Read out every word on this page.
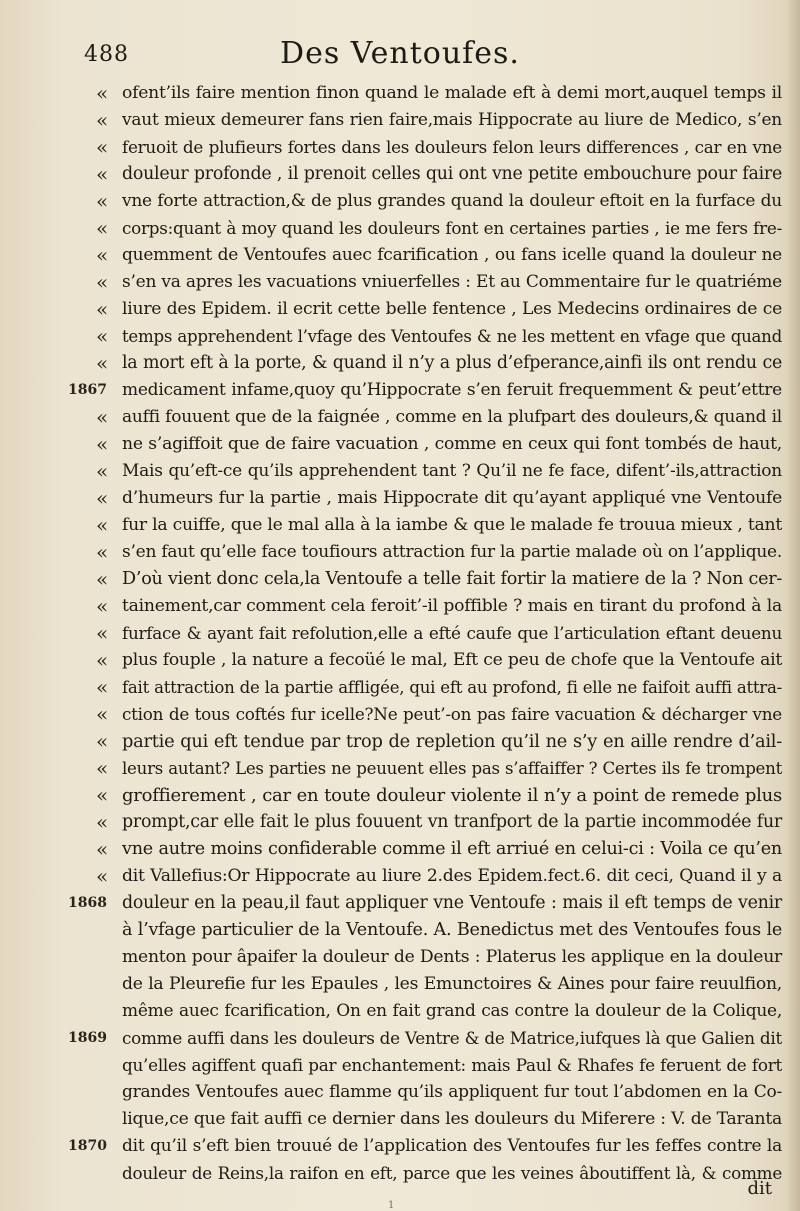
488	Des Ventoufes.
« ofent’ils faire mention finon quand le malade eft à demi mort,auquel temps il
« vaut mieux demeurer fans rien faire,mais Hippocrate au liure de Medico, s’en
« feruoit de plufieurs fortes dans les douleurs felon leurs differences , car en vne
« douleur profonde , il prenoit celles qui ont vne petite embouchure pour faire
« vne forte attraction,& de plus grandes quand la douleur eftoit en la furface du
« corps:quant à moy quand les douleurs font en certaines parties , ie me fers fre-
« quemment de Ventoufes auec fcarification , ou fans icelle quand la douleur ne
« s’en va apres les vacuations vniuerfelles : Et au Commentaire fur le quatriéme
« liure des Epidem. il ecrit cette belle fentence , Les Medecins ordinaires de ce
« temps apprehendent l’vfage des Ventoufes & ne les mettent en vfage que quand
« la mort eft à la porte, & quand il n’y a plus d’efperance,ainfi ils ont rendu ce
1867 medicament infame,quoy qu’Hippocrate s’en feruit frequemment & peut’ettre
« auffi fouuent que de la faignée , comme en la plufpart des douleurs,& quand il
« ne s’agiffoit que de faire vacuation , comme en ceux qui font tombés de haut,
« Mais qu’eft-ce qu’ils apprehendent tant ? Qu’il ne fe face, difent’-ils,attraction
« d’humeurs fur la partie , mais Hippocrate dit qu’ayant appliqué vne Ventoufe
« fur la cuiffe, que le mal alla à la iambe & que le malade fe trouua mieux , tant
« s’en faut qu’elle face toufiours attraction fur la partie malade où on l’applique.
« D’où vient donc cela,la Ventoufe a telle fait fortir la matiere de la ? Non cer-
« tainement,car comment cela feroit’-il poffible ? mais en tirant du profond à la
« furface & ayant fait refolution,elle a efté caufe que l’articulation eftant deuenu
« plus fouple , la nature a fecoüé le mal, Eft ce peu de chofe que la Ventoufe ait
« fait attraction de la partie affligée, qui eft au profond, fi elle ne faifoit auffi attra-
« ction de tous coftés fur icelle?Ne peut’-on pas faire vacuation & décharger vne
« partie qui eft tendue par trop de repletion qu’il ne s’y en aille rendre d’ail-
« leurs autant? Les parties ne peuuent elles pas s’affaiffer ? Certes ils fe trompent
« groffierement , car en toute douleur violente il n’y a point de remede plus
« prompt,car elle fait le plus fouuent vn tranfport de la partie incommodée fur
« vne autre moins confiderable comme il eft arriué en celui-ci : Voila ce qu’en
« dit Vallefius:Or Hippocrate au liure 2.des Epidem.fect.6. dit ceci, Quand il y a
1868 douleur en la peau,il faut appliquer vne Ventoufe : mais il eft temps de venir
à l’vfage particulier de la Ventoufe. A. Benedictus met des Ventoufes fous le
menton pour âpaifer la douleur de Dents : Platerus les applique en la douleur
de la Pleurefie fur les Epaules , les Emunctoires & Aines pour faire reuulfion,
même auec fcarification, On en fait grand cas contre la douleur de la Colique,
1869 comme auffi dans les douleurs de Ventre & de Matrice,iufques là que Galien dit
qu’elles agiffent quafi par enchantement: mais Paul & Rhafes fe feruent de fort
grandes Ventoufes auec flamme qu’ils appliquent fur tout l’abdomen en la Co-
lique,ce que fait auffi ce dernier dans les douleurs du Miferere : V. de Taranta
1870 dit qu’il s’eft bien trouué de l’application des Ventoufes fur les feffes contre la
douleur de Reins,la raifon en eft, parce que les veines âboutiffent là, & comme
dit
1
